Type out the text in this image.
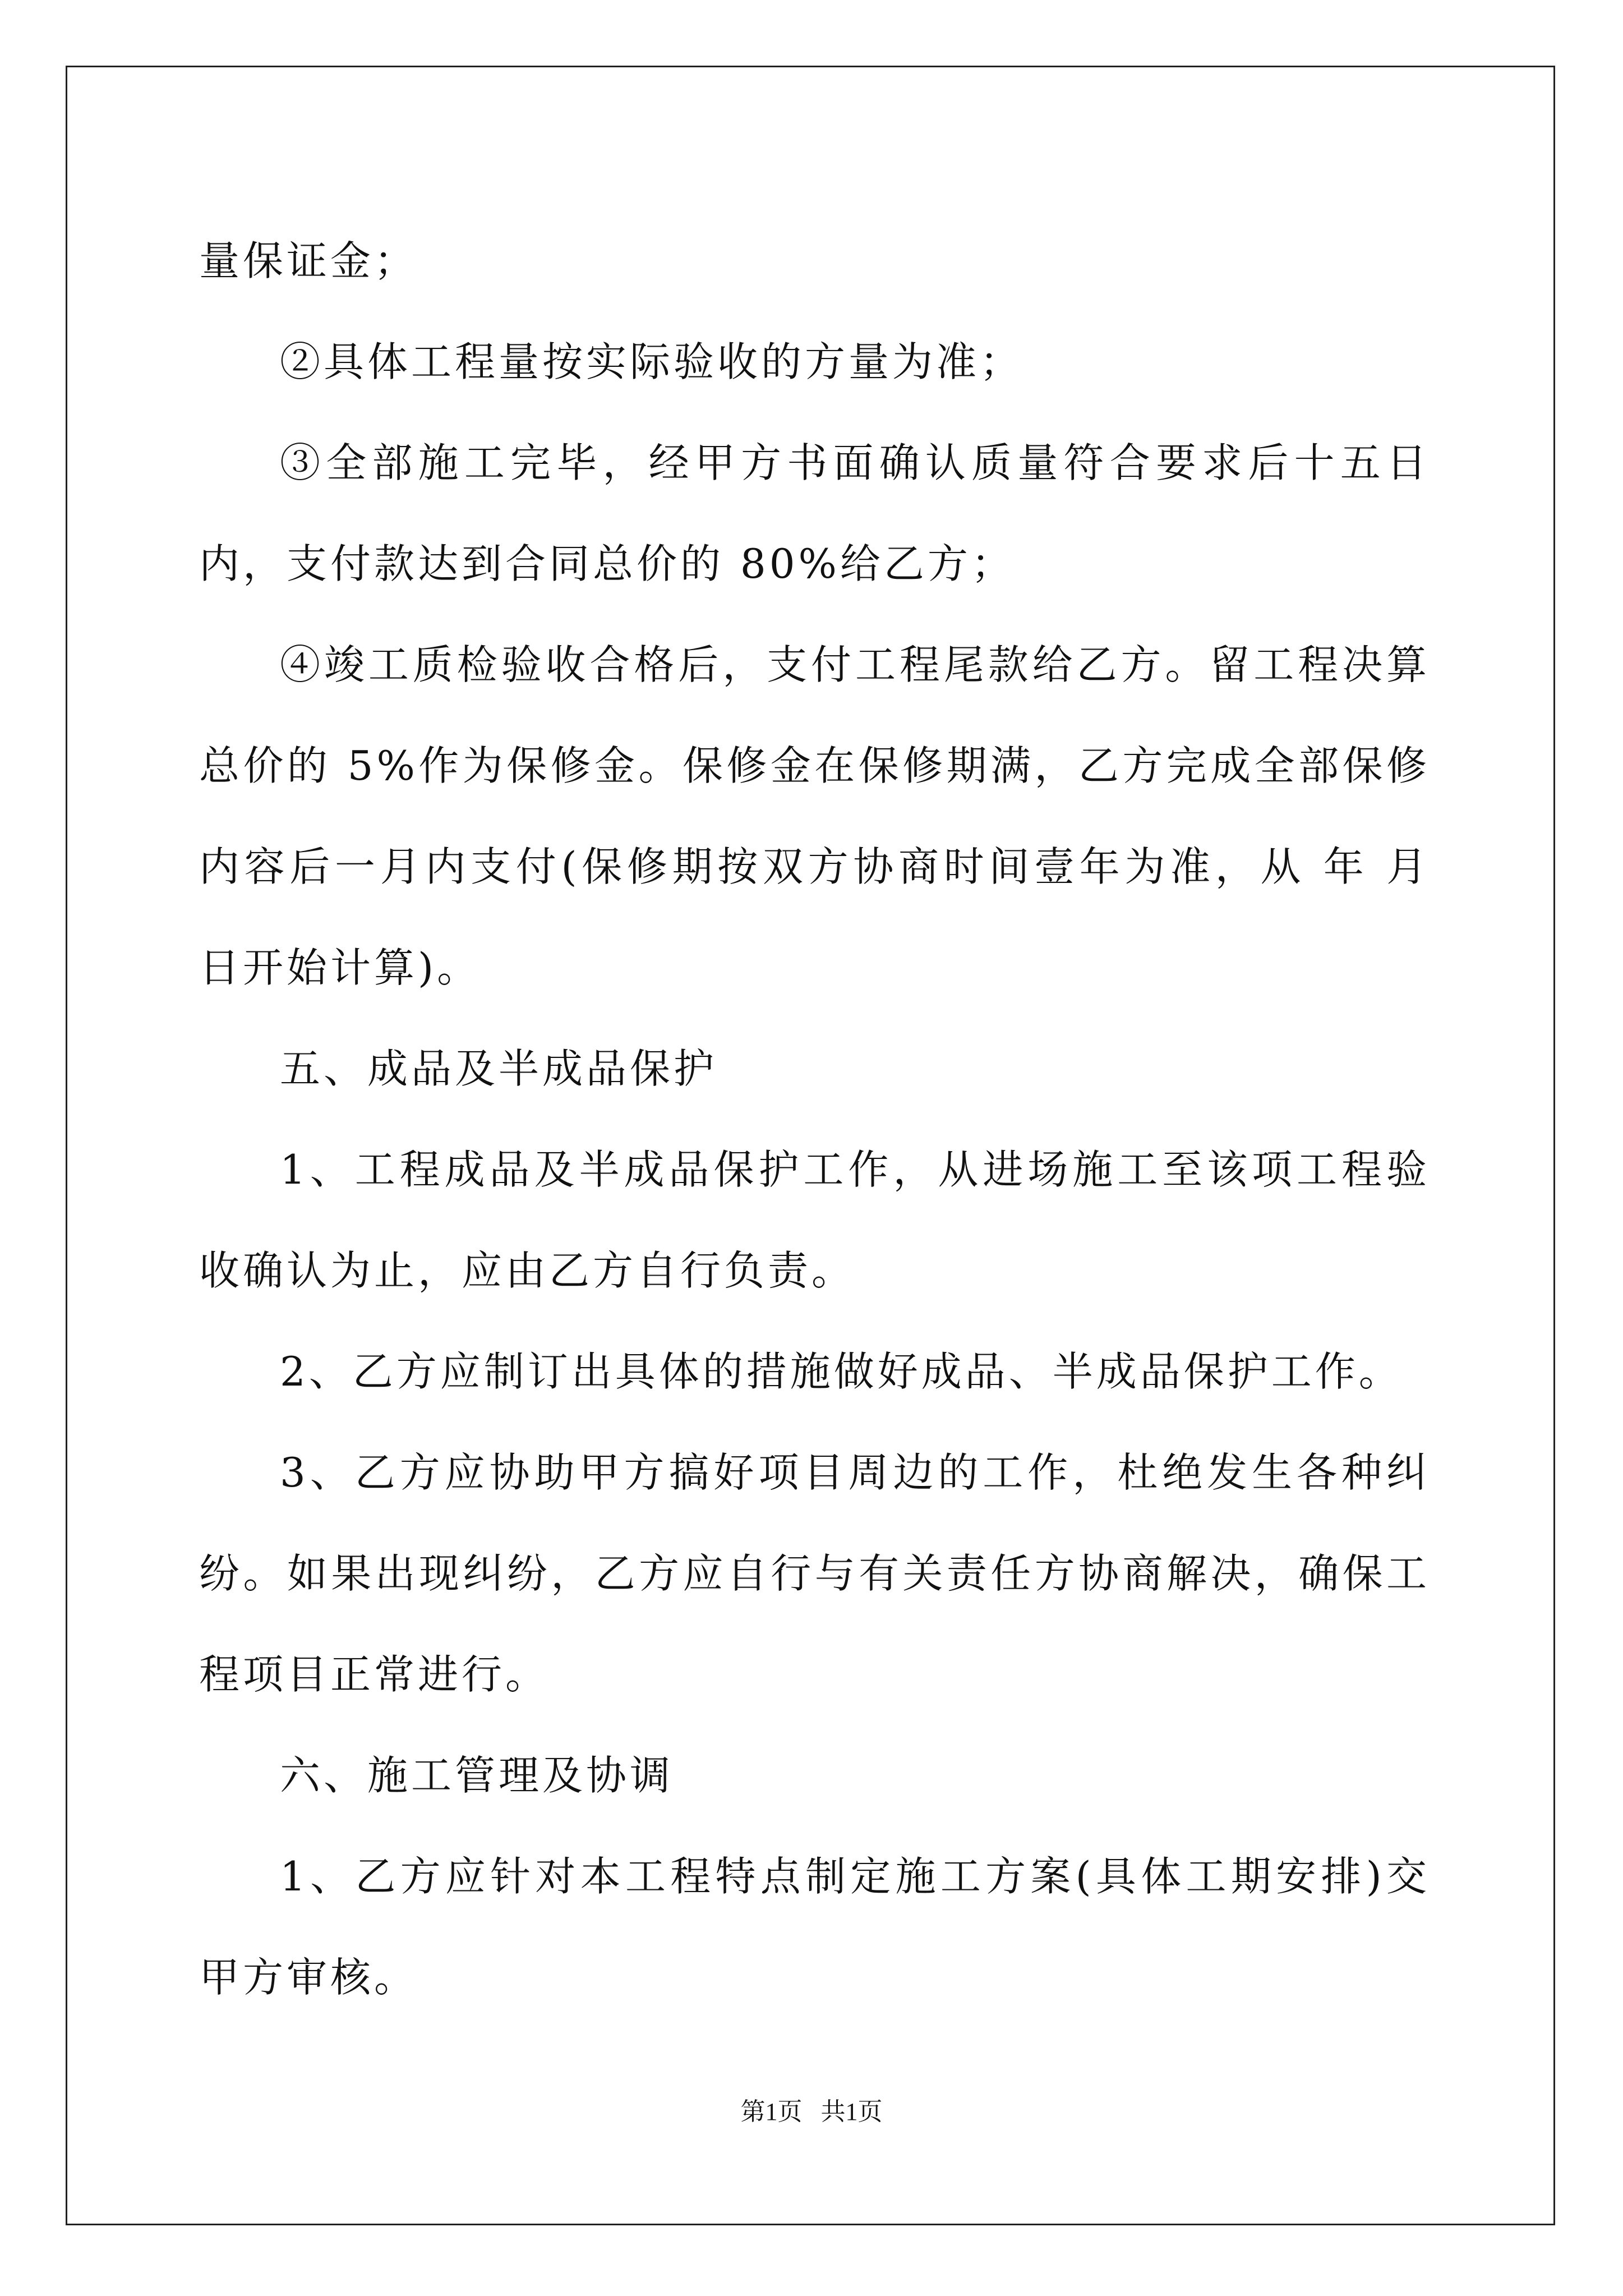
量保证金；

②具体工程量按实际验收的方量为准；

③全部施工完毕，经甲方书面确认质量符合要求后十五日内，支付款达到合同总价的 80%给乙方；

④竣工质检验收合格后，支付工程尾款给乙方。留工程决算总价的 5%作为保修金。保修金在保修期满，乙方完成全部保修内容后一月内支付(保修期按双方协商时间壹年为准，从 年 月 日开始计算)。

五、成品及半成品保护

1、工程成品及半成品保护工作，从进场施工至该项工程验收确认为止，应由乙方自行负责。

2、乙方应制订出具体的措施做好成品、半成品保护工作。

3、乙方应协助甲方搞好项目周边的工作，杜绝发生各种纠纷。如果出现纠纷，乙方应自行与有关责任方协商解决，确保工程项目正常进行。

六、施工管理及协调

1、乙方应针对本工程特点制定施工方案(具体工期安排)交甲方审核。

第1页   共1页
